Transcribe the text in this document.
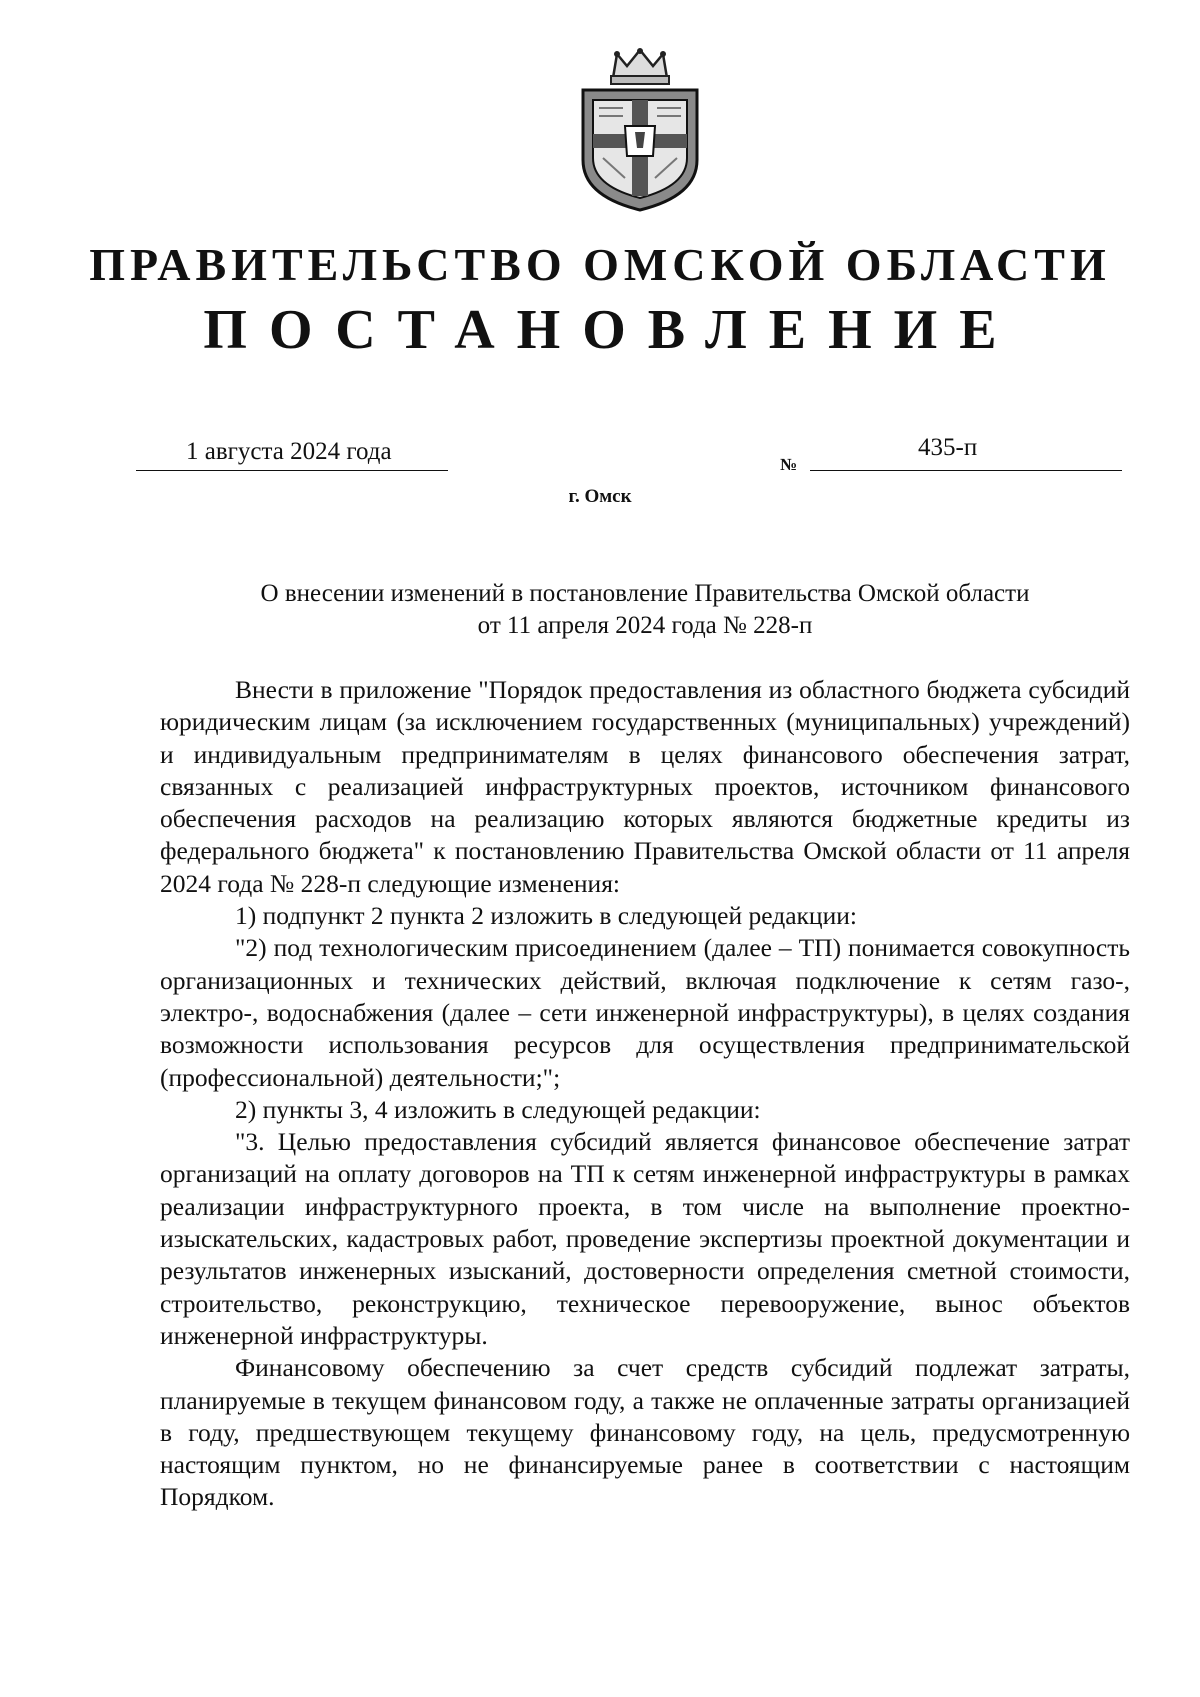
ПРАВИТЕЛЬСТВО ОМСКОЙ ОБЛАСТИ
ПОСТАНОВЛЕНИЕ
1 августа 2024 года	№
435-п
г. Омск
О внесении изменений в постановление Правительства Омской области
от 11 апреля 2024 года № 228-п

Внести в приложение "Порядок предоставления из областного бюджета субсидий юридическим лицам (за исключением государственных (муниципальных) учреждений) и индивидуальным предпринимателям в целях финансового обеспечения затрат, связанных с реализацией инфраструктурных проектов, источником финансового обеспечения расходов на реализацию которых являются бюджетные кредиты из федерального бюджета" к постановлению Правительства Омской области от 11 апреля 2024 года № 228-п следующие изменения:

1) подпункт 2 пункта 2 изложить в следующей редакции:

"2) под технологическим присоединением (далее – ТП) понимается совокупность организационных и технических действий, включая подключение к сетям газо-, электро-, водоснабжения (далее – сети инженерной инфраструктуры), в целях создания возможности использования ресурсов для осуществления предпринимательской (профессиональной) деятельности;";

2) пункты 3, 4 изложить в следующей редакции:

"3. Целью предоставления субсидий является финансовое обеспечение затрат организаций на оплату договоров на ТП к сетям инженерной инфраструктуры в рамках реализации инфраструктурного проекта, в том числе на выполнение проектно-изыскательских, кадастровых работ, проведение экспертизы проектной документации и результатов инженерных изысканий, достоверности определения сметной стоимости, строительство, реконструкцию, техническое перевооружение, вынос объектов инженерной инфраструктуры.

Финансовому обеспечению за счет средств субсидий подлежат затраты, планируемые в текущем финансовом году, а также не оплаченные затраты организацией в году, предшествующем текущему финансовому году, на цель, предусмотренную настоящим пунктом, но не финансируемые ранее в соответствии с настоящим Порядком.
